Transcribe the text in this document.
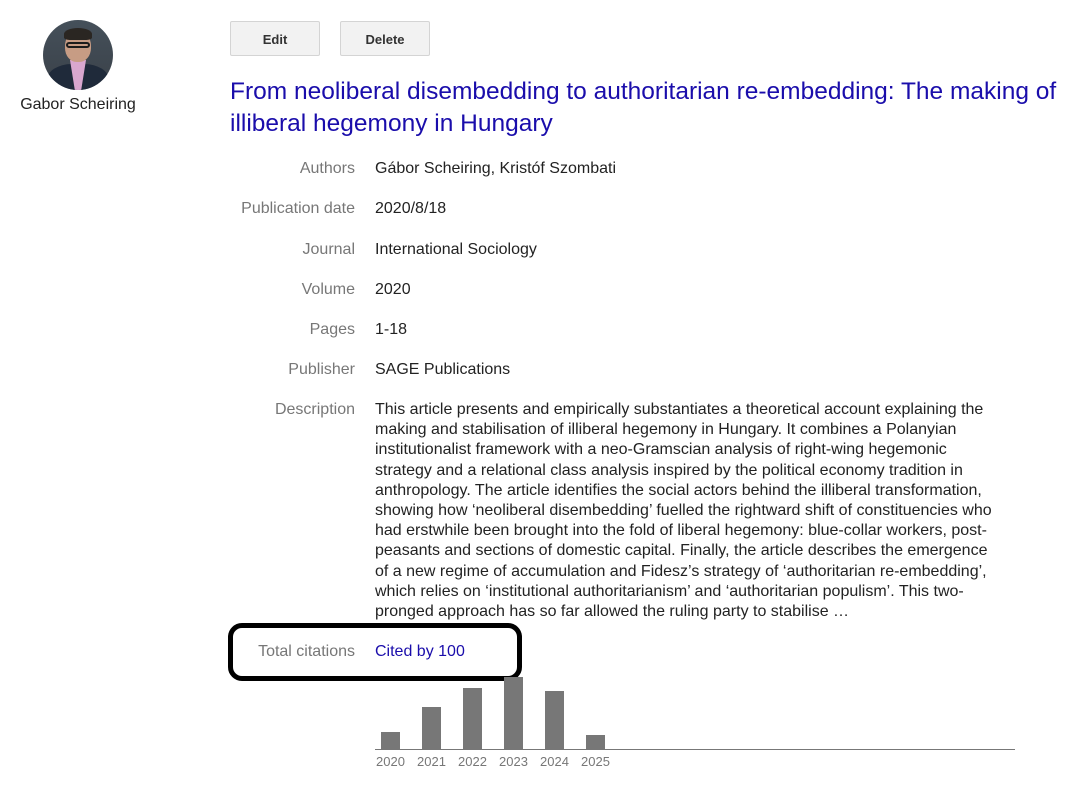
Gabor Scheiring
Edit	Delete
From neoliberal disembedding to authoritarian re-embedding: The making of illiberal hegemony in Hungary
Authors Gábor Scheiring, Kristóf Szombati
Publication date 2020/8/18
Journal International Sociology
Volume 2020
Pages 1-18
Publisher SAGE Publications
Description This article presents and empirically substantiates a theoretical account explaining the making and stabilisation of illiberal hegemony in Hungary. It combines a Polanyian institutionalist framework with a neo-Gramscian analysis of right-wing hegemonic strategy and a relational class analysis inspired by the political economy tradition in anthropology. The article identifies the social actors behind the illiberal transformation, showing how ‘neoliberal disembedding’ fuelled the rightward shift of constituencies who had erstwhile been brought into the fold of liberal hegemony: blue-collar workers, post-peasants and sections of domestic capital. Finally, the article describes the emergence of a new regime of accumulation and Fidesz’s strategy of ‘authoritarian re-embedding’, which relies on ‘institutional authoritarianism’ and ‘authoritarian populism’. This two-pronged approach has so far allowed the ruling party to stabilise …
Total citations Cited by 100
2020 2021 2022 2023 2024 2025
